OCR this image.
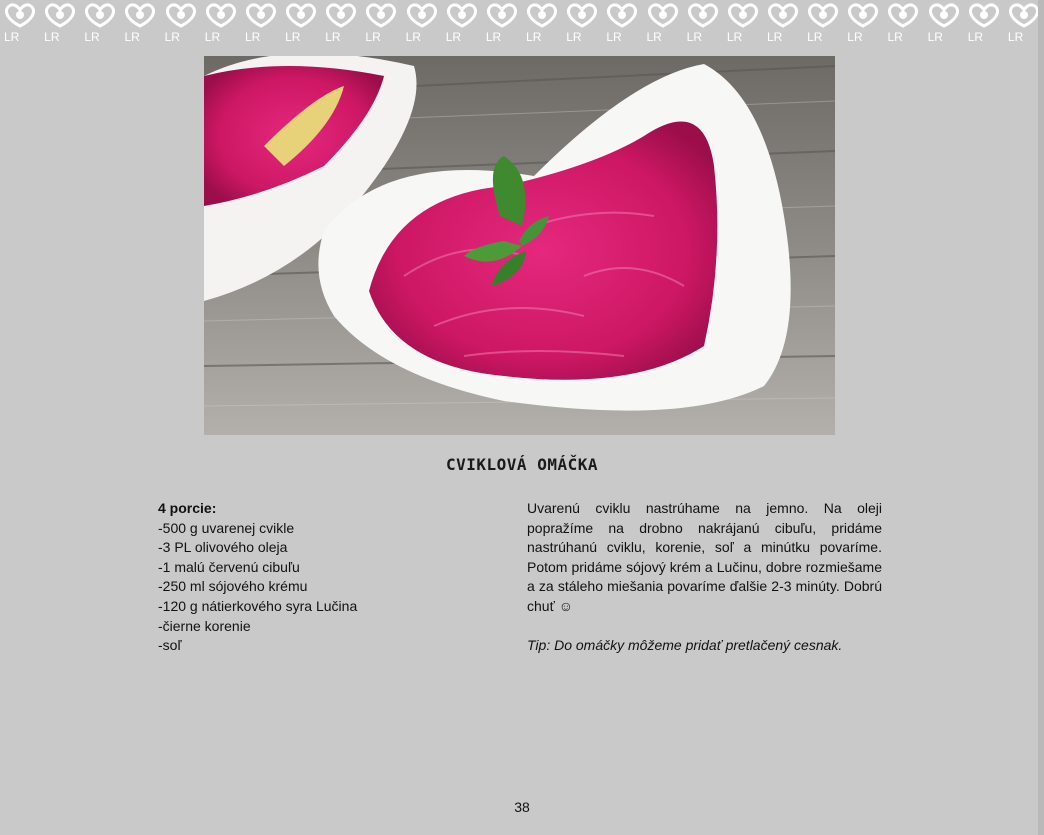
LR LR LR LR LR LR LR LR LR LR LR LR LR LR LR LR LR LR LR LR LR LR LR LR LR LR
CVIKLOVÁ OMÁČKA
4 porcie:
-500 g uvarenej cvikle
-3 PL olivového oleja
-1 malú červenú cibuľu
-250 ml sójového krému
-120 g nátierkového syra Lučina
-čierne korenie
-soľ
Uvarenú cviklu nastrúhame na jemno. Na oleji popražíme na drobno nakrájanú cibuľu, pridáme nastrúhanú cviklu, korenie, soľ a minútku povaríme. Potom pridáme sójový krém a Lučinu, dobre rozmiešame a za stáleho miešania povaríme ďalšie 2-3 minúty. Dobrú chuť ☺
Tip: Do omáčky môžeme pridať pretlačený cesnak.
38
